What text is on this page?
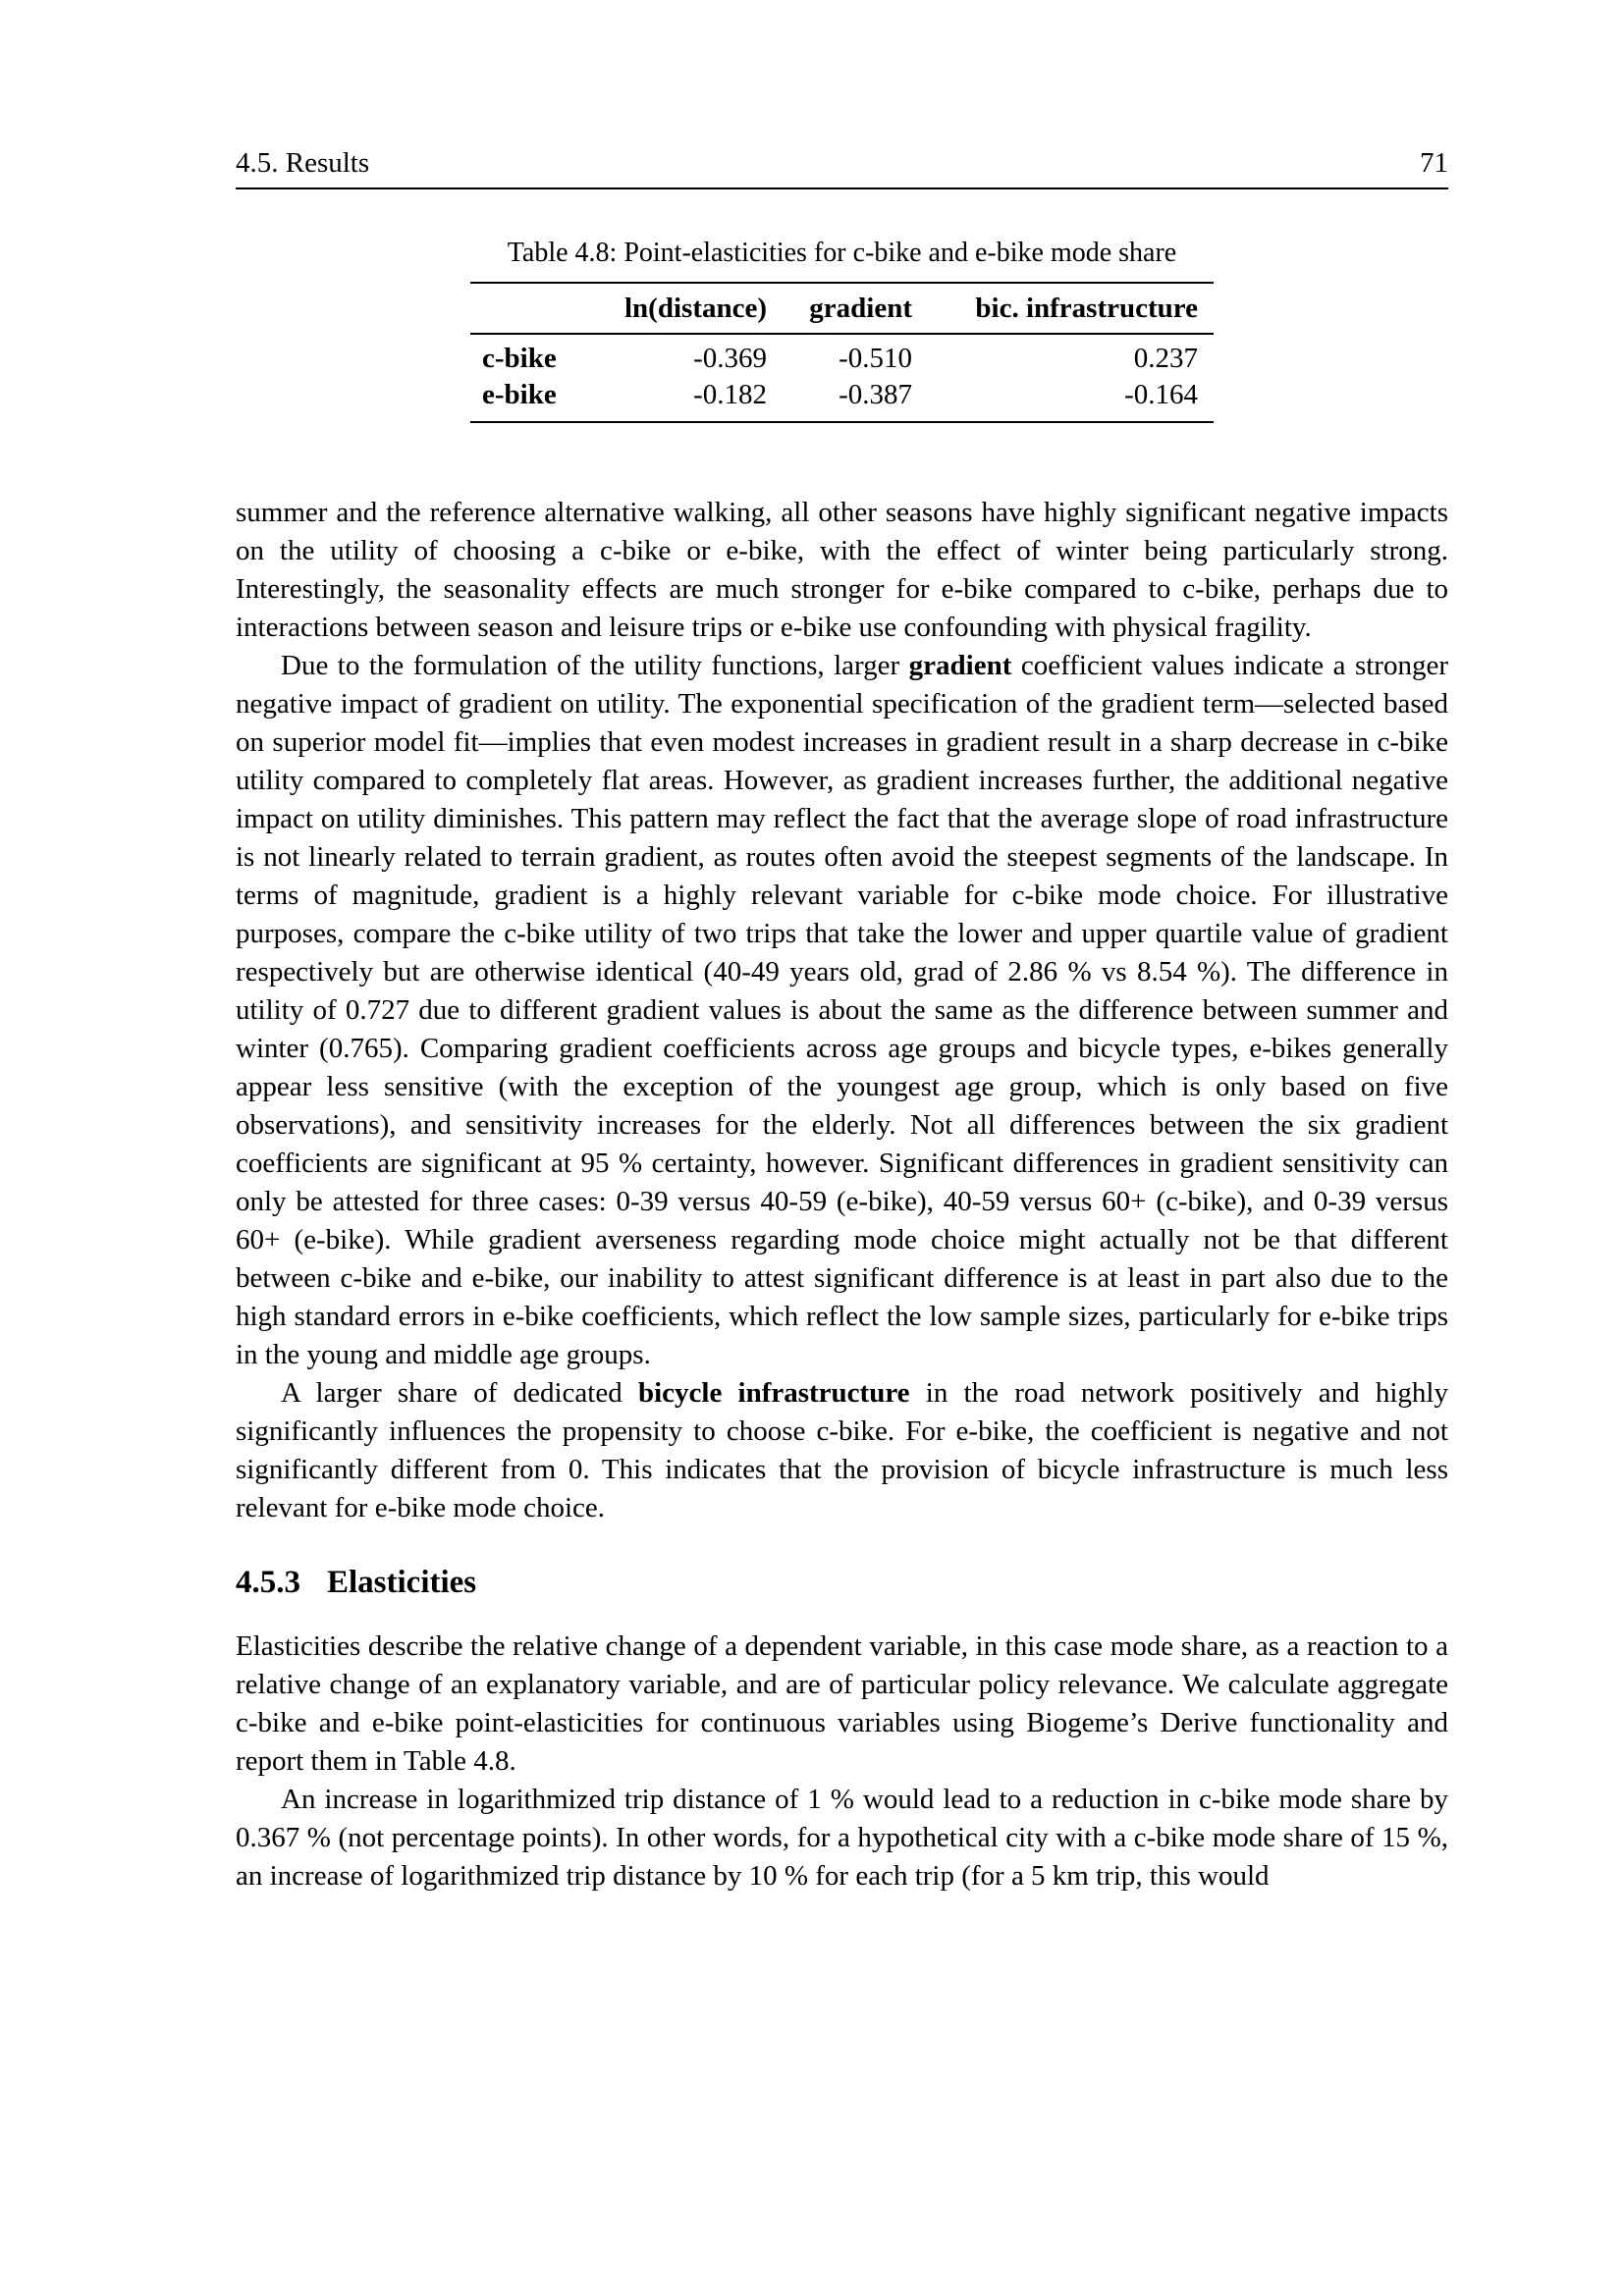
4.5. Results	71
Table 4.8: Point-elasticities for c-bike and e-bike mode share
	ln(distance)	gradient	bic. infrastructure
c-bike	-0.369	-0.510	0.237
e-bike	-0.182	-0.387	-0.164

summer and the reference alternative walking, all other seasons have highly significant negative impacts on the utility of choosing a c-bike or e-bike, with the effect of winter being particularly strong. Interestingly, the seasonality effects are much stronger for e-bike compared to c-bike, perhaps due to interactions between season and leisure trips or e-bike use confounding with physical fragility.

Due to the formulation of the utility functions, larger gradient coefficient values indicate a stronger negative impact of gradient on utility. The exponential specification of the gradient term—selected based on superior model fit—implies that even modest increases in gradient result in a sharp decrease in c-bike utility compared to completely flat areas. However, as gradient increases further, the additional negative impact on utility diminishes. This pattern may reflect the fact that the average slope of road infrastructure is not linearly related to terrain gradient, as routes often avoid the steepest segments of the landscape. In terms of magnitude, gradient is a highly relevant variable for c-bike mode choice. For illustrative purposes, compare the c-bike utility of two trips that take the lower and upper quartile value of gradient respectively but are otherwise identical (40-49 years old, grad of 2.86 % vs 8.54 %). The difference in utility of 0.727 due to different gradient values is about the same as the difference between summer and winter (0.765). Comparing gradient coefficients across age groups and bicycle types, e-bikes generally appear less sensitive (with the exception of the youngest age group, which is only based on five observations), and sensitivity increases for the elderly. Not all differences between the six gradient coefficients are significant at 95 % certainty, however. Significant differences in gradient sensitivity can only be attested for three cases: 0-39 versus 40-59 (e-bike), 40-59 versus 60+ (c-bike), and 0-39 versus 60+ (e-bike). While gradient averseness regarding mode choice might actually not be that different between c-bike and e-bike, our inability to attest significant difference is at least in part also due to the high standard errors in e-bike coefficients, which reflect the low sample sizes, particularly for e-bike trips in the young and middle age groups.

A larger share of dedicated bicycle infrastructure in the road network positively and highly significantly influences the propensity to choose c-bike. For e-bike, the coefficient is negative and not significantly different from 0. This indicates that the provision of bicycle infrastructure is much less relevant for e-bike mode choice.

4.5.3 Elasticities

Elasticities describe the relative change of a dependent variable, in this case mode share, as a reaction to a relative change of an explanatory variable, and are of particular policy relevance. We calculate aggregate c-bike and e-bike point-elasticities for continuous variables using Biogeme’s Derive functionality and report them in Table 4.8.

An increase in logarithmized trip distance of 1 % would lead to a reduction in c-bike mode share by 0.367 % (not percentage points). In other words, for a hypothetical city with a c-bike mode share of 15 %, an increase of logarithmized trip distance by 10 % for each trip (for a 5 km trip, this would
